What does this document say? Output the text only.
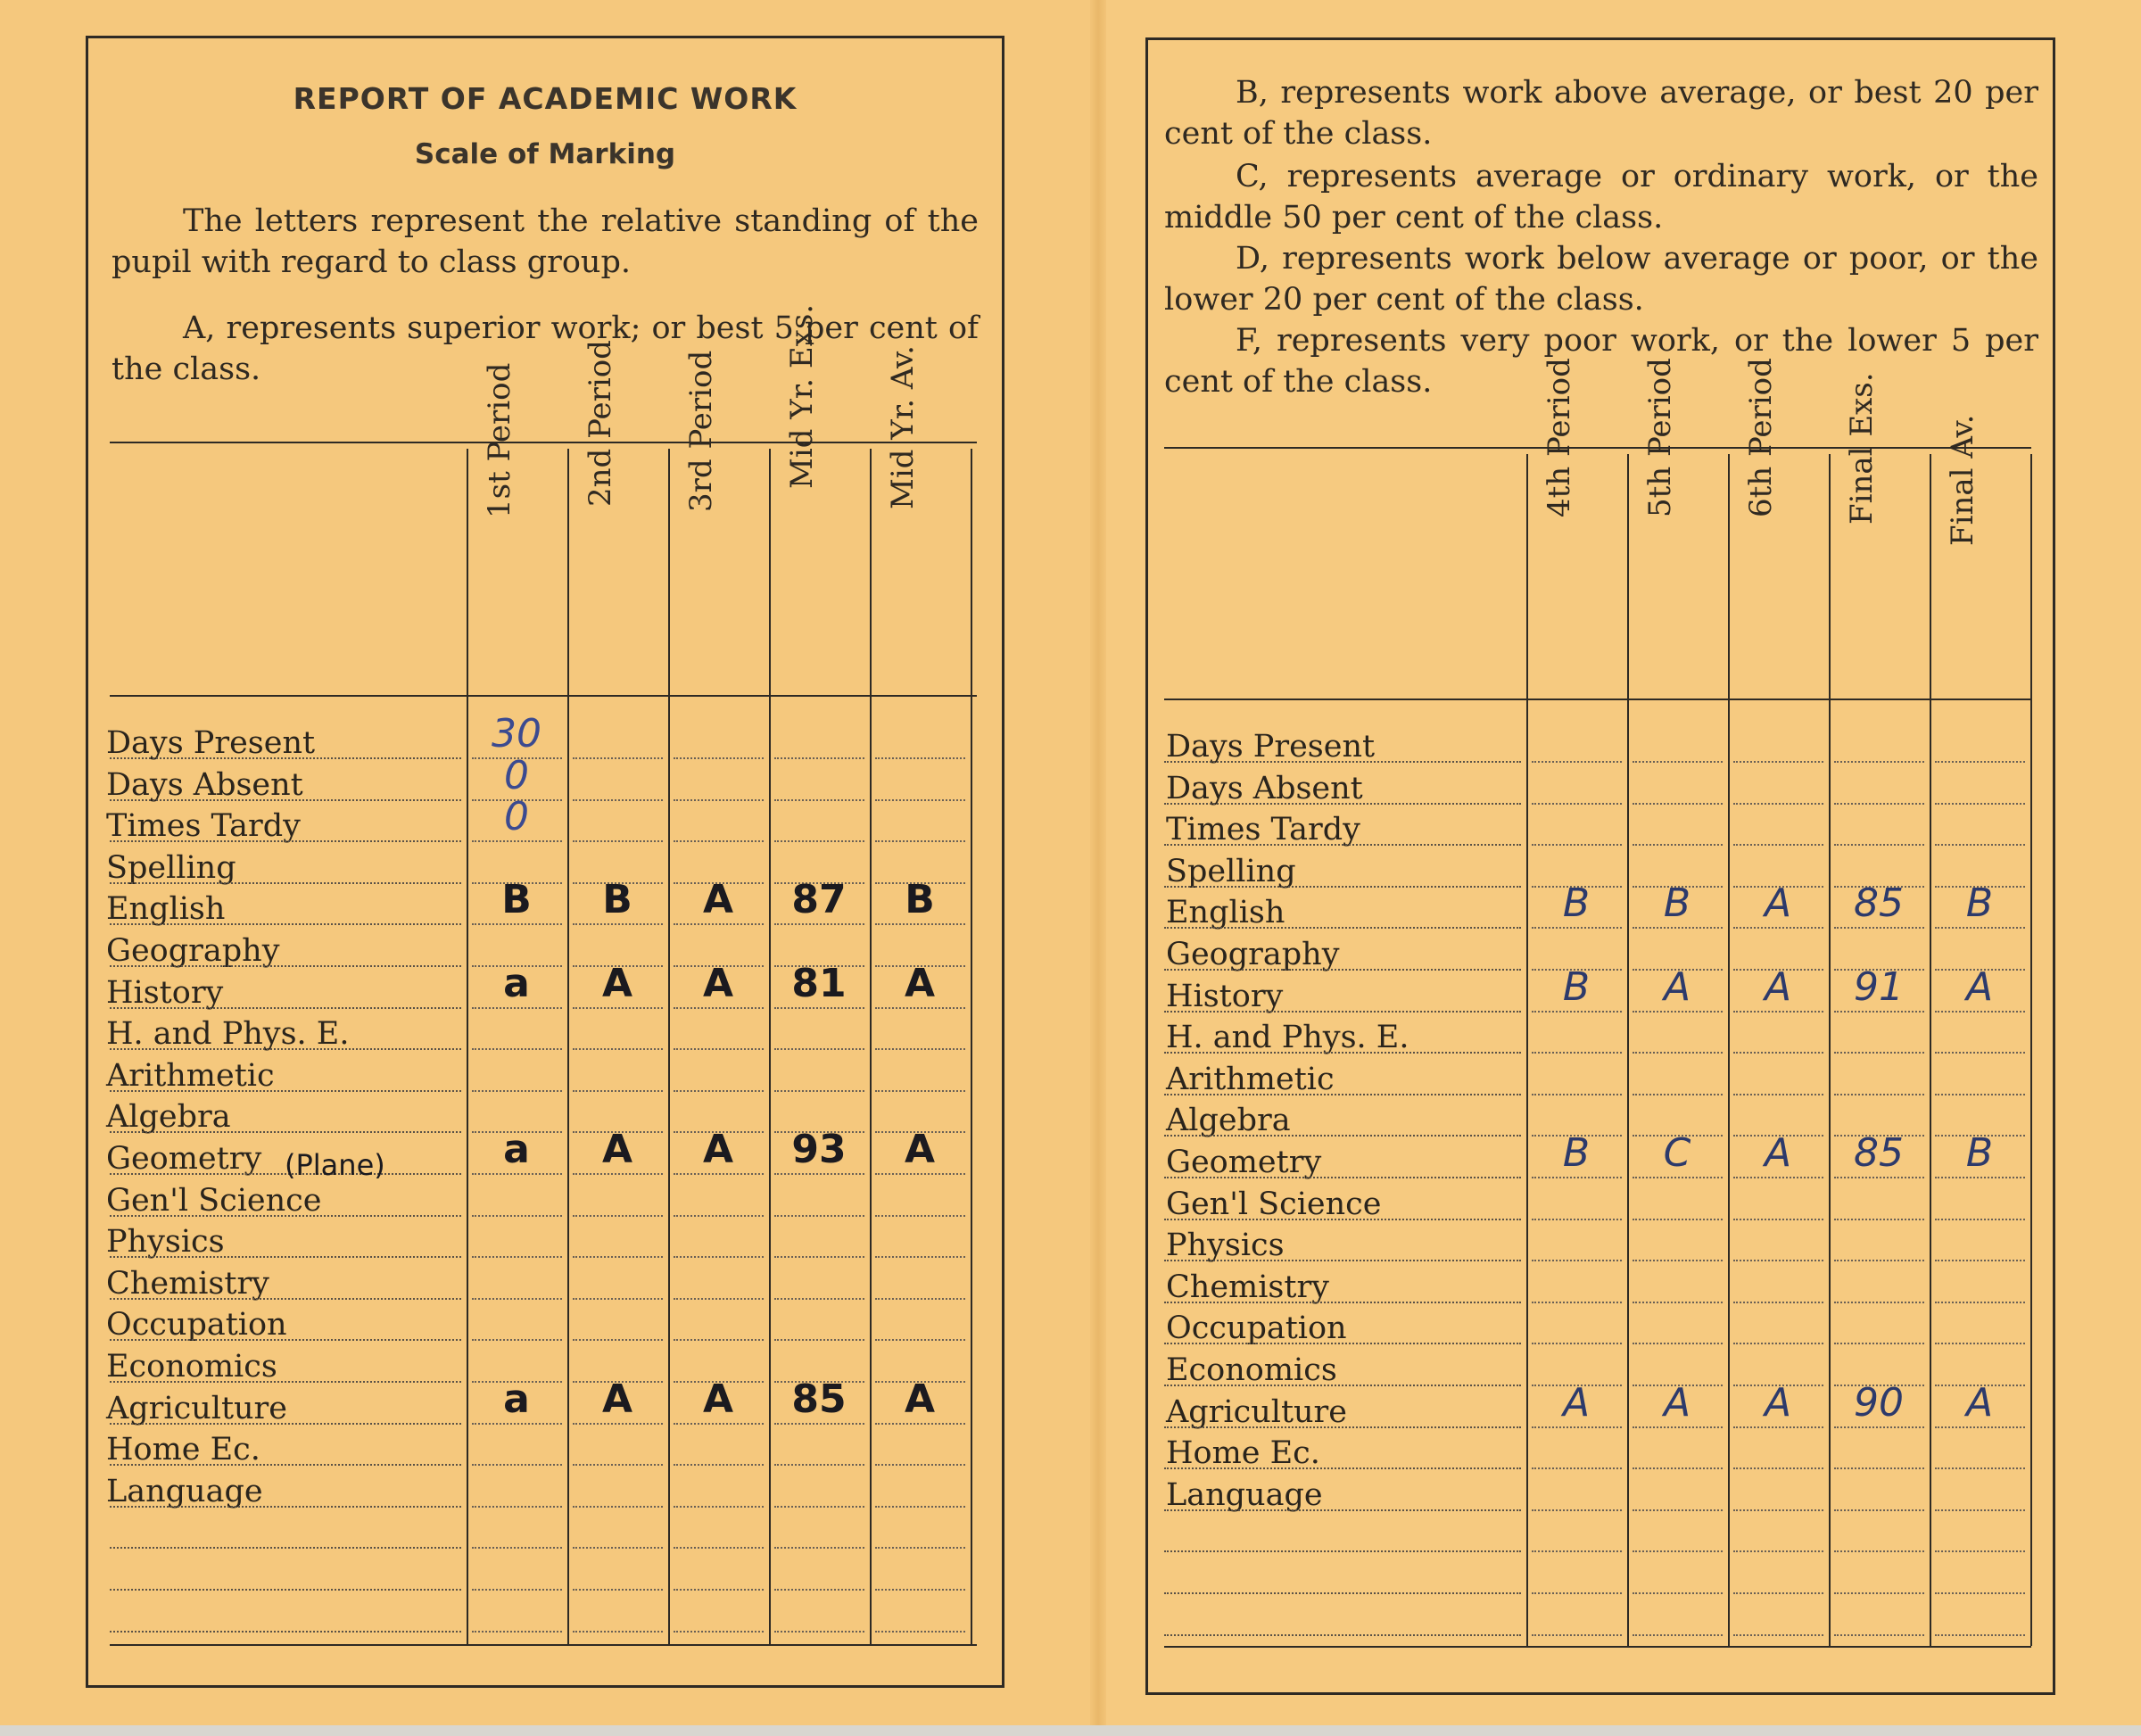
REPORT OF ACADEMIC WORK
Scale of Marking
The letters represent the relative standing of the pupil with regard to class group.
A, represents superior work; or best 5 per cent of the class.	1st Period 2nd Period 3rd Period Mid Yr. Exs. Mid Yr. Av.
Days Present	30
Days Absent	0
Times Tardy	0
Spelling
English	B	B	A	87	B
Geography
History	a	A	A	81	A
H. and Phys. E.
Arithmetic
Algebra
Geometry	a	A	A	93	A
Gen'l Science
Physics
Chemistry
Occupation
Economics
Agriculture	a	A	A	85	A
Home Ec.
Language
(Plane)
B, represents work above average, or best 20 per cent of the class.
C, represents average or ordinary work, or the middle 50 per cent of the class.
D, represents work below average or poor, or the lower 20 per cent of the class.
F, represents very poor work, or the lower 5 per cent of the class.	4th Period 5th Period 6th Period Final Exs. Final Av.
Days Present
Days Absent
Times Tardy
Spelling
English	B	B	A	85	B
Geography
History	B	A	A	91	A
H. and Phys. E.
Arithmetic
Algebra
Geometry	B	C	A	85	B
Gen'l Science
Physics
Chemistry
Occupation
Economics
Agriculture	A	A	A	90	A
Home Ec.
Language
